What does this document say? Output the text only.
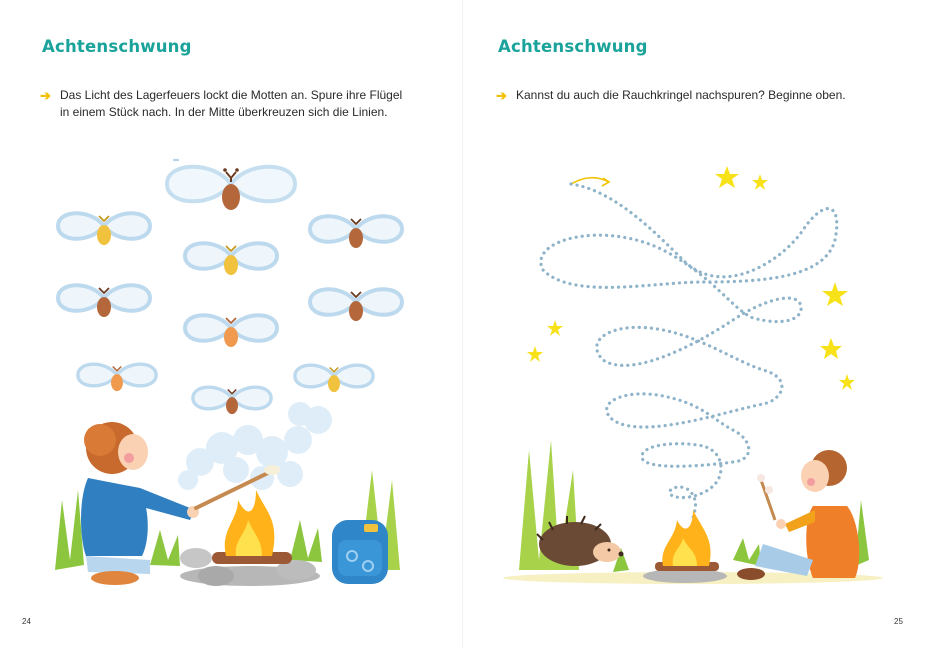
Achtenschwung
➔ Das Licht des Lagerfeuers lockt die Motten an. Spure ihre Flügel
in einem Stück nach. In der Mitte überkreuzen sich die Linien.
24
Achtenschwung
➔ Kannst du auch die Rauchkringel nachspuren? Beginne oben.
25
